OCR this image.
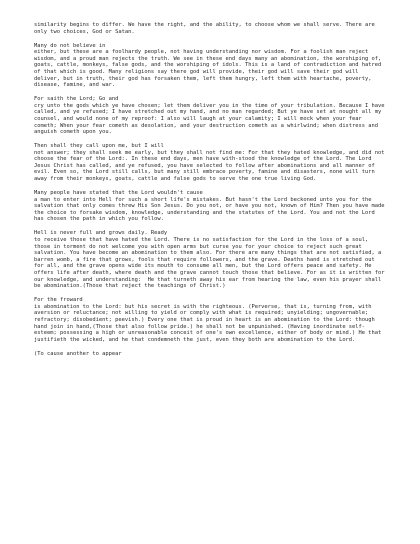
similarity begins to differ. We have the right, and the ability, to choose whom we shall serve. There are only two choices, God or Satan.

Many do not believe in
either, but these are a foolhardy people, not having understanding nor wisdom. For a foolish man reject wisdom, and a proud man rejects the truth. We see in these end days many an abomination, the worshiping of, goats, cattle, monkeys, false gods, and the worshiping of idols. This is a land of contradiction and hatred of that which is good. Many religions say there god will provide, their god will save their god will deliver, but in truth, their god has forsaken them, left them hungry, left them with heartache, poverty, disease, famine, and war.

For saith the Lord; Go and
cry unto the gods which ye have chosen; let them deliver you in the time of your tribulation. Because I have called, and ye refused; I have stretched out my hand, and no man regarded; But ye have set at nought all my counsel, and would none of my reproof: I also will laugh at your calamity; I will mock when your fear cometh; When your fear cometh as desolation, and your destruction cometh as a whirlwind; when distress and anguish cometh upon you.

Then shall they call upon me, but I will
not answer; they shall seek me early, but they shall not find me: For that they hated knowledge, and did not choose the fear of the Lord:. In these end days, men have with-stood the knowledge of the Lord. The Lord Jesus Christ has called, and ye refused, you have selected to follow after abominations and all manner of evil. Even so, the Lord still calls, but many still embrace poverty, famine and disasters, none will turn away from their monkeys, goats, cattle and false gods to serve the one true living God.

Many people have stated that the Lord wouldn't cause
a man to enter into Hell for such a short life's mistakes. But hasn't the Lord beckoned unto you for the salvation that only comes threw His Son Jesus. Do you not, or have you not, known of Him? Then you have made the choice to forsake wisdom, knowledge, understanding and the statutes of the Lord. You and not the Lord has chosen the path in which you follow.

Hell is never full and grows daily. Ready
to receive those that have hated the Lord. There is no satisfaction for the Lord in the loss of a soul, those in torment do not welcome you with open arms but curse you for your choice to reject such great salvation. You have become an abomination to them also. For there are many things that are not satisfied, a barren womb, a fire that grows, fools that require followers, and the grave. Deaths hand is stretched out for all, and the grave opens wide its mouth to consume all men, but the Lord offers peace and safety. He offers life after death, where death and the grave cannot touch those that believe. For as it is written for our knowledge, and understanding:  He that turneth away his ear from hearing the law, even his prayer shall be abomination.(Those that reject the teachings of Christ.)

For the froward
is abomination to the Lord: but his secret is with the righteous. (Perverse, that is, turning from, with aversion or reluctance; not willing to yield or comply with what is required; unyielding; ungovernable; refractory; disobedient; peevish.) Every one that is proud in heart is an abomination to the Lord: though hand join in hand,(Those that also follow pride.) he shall not be unpunished. (Having inordinate self-esteem; possessing a high or unreasonable conceit of one's own excellence, either of body or mind.) He that justifieth the wicked, and he that condemneth the just, even they both are abomination to the Lord.

(To cause another to appear
